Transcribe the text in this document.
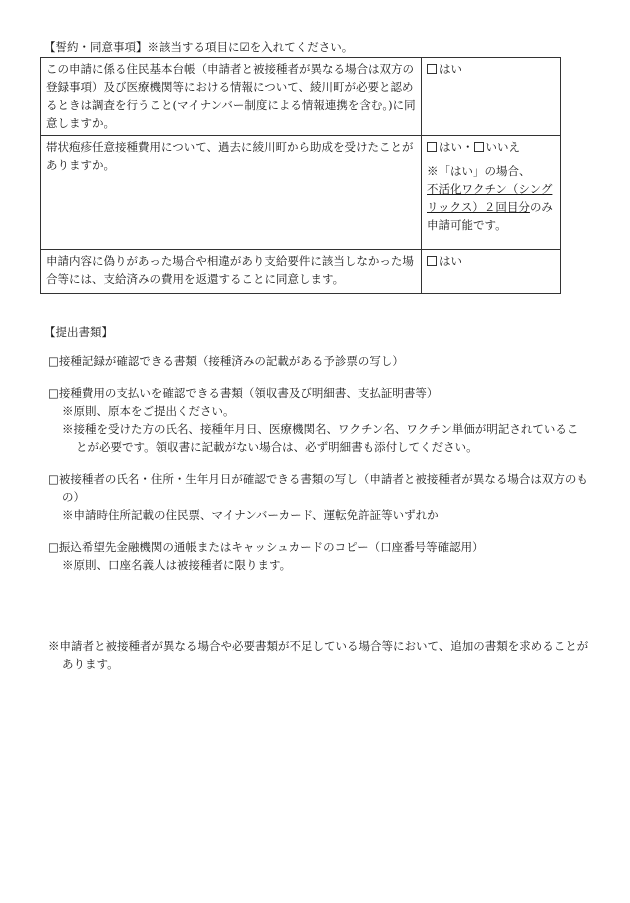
【誓約・同意事項】※該当する項目に☑を入れてください。
この申請に係る住民基本台帳（申請者と被接種者が異なる場合は双方の登録事項）及び医療機関等における情報について、綾川町が必要と認めるときは調査を行うこと(マイナンバー制度による情報連携を含む。)に同意しますか。	はい
帯状疱疹任意接種費用について、過去に綾川町から助成を受けたことがありますか。	はい・ いいえ
※「はい」の場合、
不活化ワクチン（シングリックス）２回目分のみ申請可能です。

申請内容に偽りがあった場合や相違があり支給要件に該当しなかった場合等には、支給済みの費用を返還することに同意します。	はい
【提出書類】
□接種記録が確認できる書類（接種済みの記載がある予診票の写し）
□接種費用の支払いを確認できる書類（領収書及び明細書、支払証明書等）
※原則、原本をご提出ください。
※接種を受けた方の氏名、接種年月日、医療機関名、ワクチン名、ワクチン単価が明記されていることが必要です。領収書に記載がない場合は、必ず明細書も添付してください。
□被接種者の氏名・住所・生年月日が確認できる書類の写し（申請者と被接種者が異なる場合は双方のもの）
※申請時住所記載の住民票、マイナンバーカード、運転免許証等いずれか
□振込希望先金融機関の通帳またはキャッシュカードのコピー（口座番号等確認用）
※原則、口座名義人は被接種者に限ります。
※申請者と被接種者が異なる場合や必要書類が不足している場合等において、追加の書類を求めることがあります。
